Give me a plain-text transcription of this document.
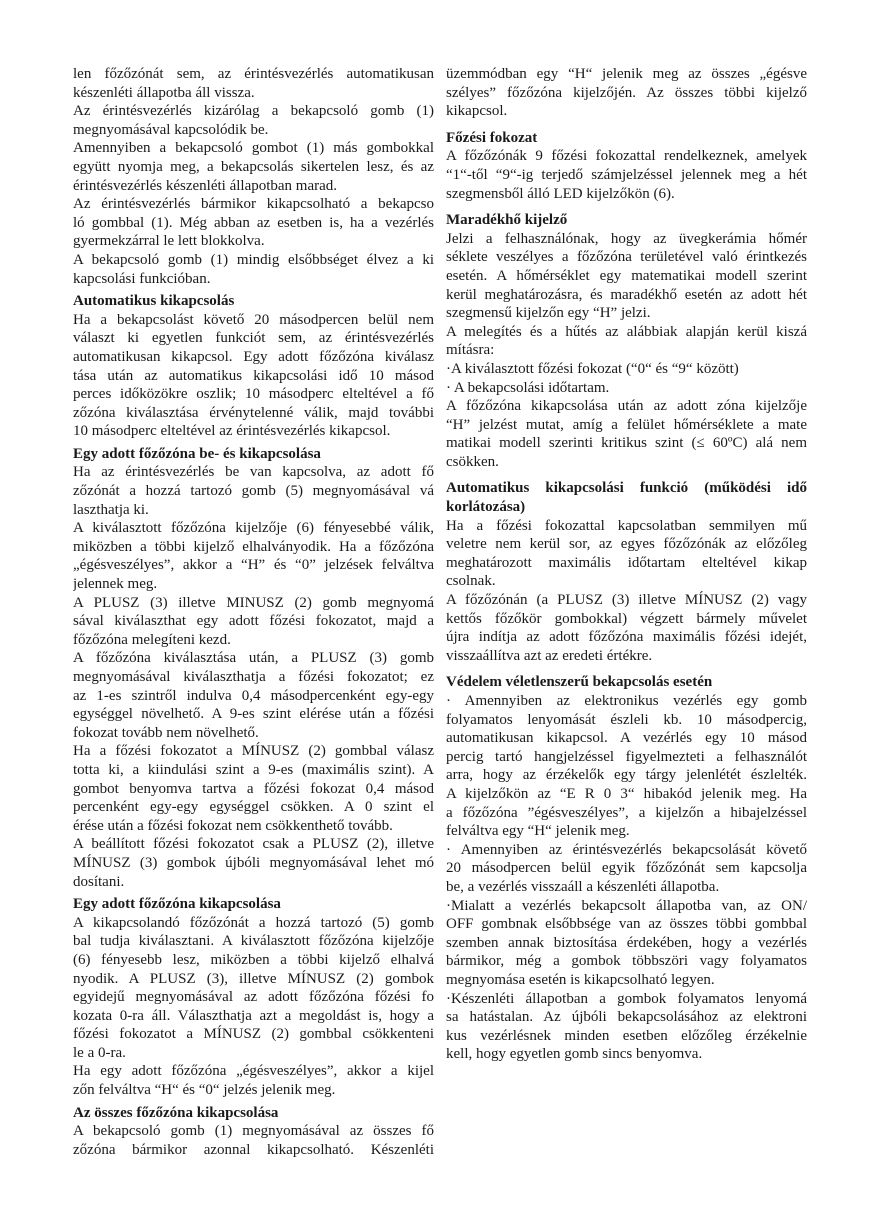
len főzőzónát sem, az érintésvezérlés automatikusan
készenléti állapotba áll vissza.
Az érintésvezérlés kizárólag a bekapcsoló gomb (1)
megnyomásával kapcsolódik be.
Amennyiben a bekapcsoló gombot (1) más gombokkal
együtt nyomja meg, a bekapcsolás sikertelen lesz, és az
érintésvezérlés készenléti állapotban marad.
Az érintésvezérlés bármikor kikapcsolható a bekapcso
ló gombbal (1). Még abban az esetben is, ha a vezérlés
gyermekzárral le lett blokkolva.
A bekapcsoló gomb (1) mindig elsőbbséget élvez a ki
kapcsolási funkcióban.
Automatikus kikapcsolás
Ha a bekapcsolást követő 20 másodpercen belül nem
választ ki egyetlen funkciót sem, az érintésvezérlés
automatikusan kikapcsol. Egy adott főzőzóna kiválasz
tása után az automatikus kikapcsolási idő 10 másod
perces időközökre oszlik; 10 másodperc elteltével a fő
zőzóna kiválasztása érvénytelenné válik, majd további
10 másodperc elteltével az érintésvezérlés kikapcsol.
Egy adott főzőzóna be- és kikapcsolása
Ha az érintésvezérlés be van kapcsolva, az adott fő
zőzónát a hozzá tartozó gomb (5) megnyomásával vá
laszthatja ki.
A kiválasztott főzőzóna kijelzője (6) fényesebbé válik,
miközben a többi kijelző elhalványodik. Ha a főzőzóna
„égésveszélyes”, akkor a “H” és “0” jelzések felváltva
jelennek meg.
A PLUSZ (3) illetve MINUSZ (2) gomb megnyomá
sával kiválaszthat egy adott főzési fokozatot, majd a
főzőzóna melegíteni kezd.
A főzőzóna kiválasztása után, a PLUSZ (3) gomb
megnyomásával kiválaszthatja a főzési fokozatot; ez
az 1-es szintről indulva 0,4 másodpercenként egy-egy
egységgel növelhető. A 9-es szint elérése után a főzési
fokozat tovább nem növelhető.
Ha a főzési fokozatot a MÍNUSZ (2) gombbal válasz
totta ki, a kiindulási szint a 9-es (maximális szint). A
gombot benyomva tartva a főzési fokozat 0,4 másod
percenként egy-egy egységgel csökken. A 0 szint el
érése után a főzési fokozat nem csökkenthető tovább.
A beállított főzési fokozatot csak a PLUSZ (2), illetve
MÍNUSZ (3) gombok újbóli megnyomásával lehet mó
dosítani.
Egy adott főzőzóna kikapcsolása
A kikapcsolandó főzőzónát a hozzá tartozó (5) gomb
bal tudja kiválasztani. A kiválasztott főzőzóna kijelzője
(6) fényesebb lesz, miközben a többi kijelző elhalvá
nyodik. A PLUSZ (3), illetve MÍNUSZ (2) gombok
egyidejű megnyomásával az adott főzőzóna főzési fo
kozata 0-ra áll. Választhatja azt a megoldást is, hogy a
főzési fokozatot a MÍNUSZ (2) gombbal csökkenteni
le a 0-ra.
Ha egy adott főzőzóna „égésveszélyes”, akkor a kijel
zőn felváltva “H“ és “0“ jelzés jelenik meg.
Az összes főzőzóna kikapcsolása
A bekapcsoló gomb (1) megnyomásával az összes fő
zőzóna bármikor azonnal kikapcsolható. Készenléti
üzemmódban egy “H“ jelenik meg az összes „égésve
szélyes” főzőzóna kijelzőjén. Az összes többi kijelző
kikapcsol.
Főzési fokozat
A főzőzónák 9 főzési fokozattal rendelkeznek, amelyek
“1“-től “9“-ig terjedő számjelzéssel jelennek meg a hét
szegmensből álló LED kijelzőkön (6).
Maradékhő kijelző
Jelzi a felhasználónak, hogy az üvegkerámia hőmér
séklete veszélyes a főzőzóna területével való érintkezés
esetén. A hőmérséklet egy matematikai modell szerint
kerül meghatározásra, és maradékhő esetén az adott hét
szegmensű kijelzőn egy “H” jelzi.
A melegítés és a hűtés az alábbiak alapján kerül kiszá
mításra:
·A kiválasztott főzési fokozat (“0“ és “9“ között)
· A bekapcsolási időtartam.
A főzőzóna kikapcsolása után az adott zóna kijelzője
“H” jelzést mutat, amíg a felület hőmérséklete a mate
matikai modell szerinti kritikus szint (≤ 60ºC) alá nem
csökken.
Automatikus kikapcsolási funkció (működési idő
korlátozása)
Ha a főzési fokozattal kapcsolatban semmilyen mű
veletre nem kerül sor, az egyes főzőzónák az előzőleg
meghatározott maximális időtartam elteltével kikap
csolnak.
A főzőzónán (a PLUSZ (3) illetve MÍNUSZ (2) vagy
kettős főzőkör gombokkal) végzett bármely művelet
újra indítja az adott főzőzóna maximális főzési idejét,
visszaállítva azt az eredeti értékre.
Védelem véletlenszerű bekapcsolás esetén
· Amennyiben az elektronikus vezérlés egy gomb
folyamatos lenyomását észleli kb. 10 másodpercig,
automatikusan kikapcsol. A vezérlés egy 10 másod
percig tartó hangjelzéssel figyelmezteti a felhasználót
arra, hogy az érzékelők egy tárgy jelenlétét észlelték.
A kijelzőkön az “E R 0 3“ hibakód jelenik meg. Ha
a főzőzóna ”égésveszélyes”, a kijelzőn a hibajelzéssel
felváltva egy “H“ jelenik meg.
· Amennyiben az érintésvezérlés bekapcsolását követő
20 másodpercen belül egyik főzőzónát sem kapcsolja
be, a vezérlés visszaáll a készenléti állapotba.
·Mialatt a vezérlés bekapcsolt állapotba van, az ON/
OFF gombnak elsőbbsége van az összes többi gombbal
szemben annak biztosítása érdekében, hogy a vezérlés
bármikor, még a gombok többszöri vagy folyamatos
megnyomása esetén is kikapcsolható legyen.
·Készenléti állapotban a gombok folyamatos lenyomá
sa hatástalan. Az újbóli bekapcsolásához az elektroni
kus vezérlésnek minden esetben előzőleg érzékelnie
kell, hogy egyetlen gomb sincs benyomva.
